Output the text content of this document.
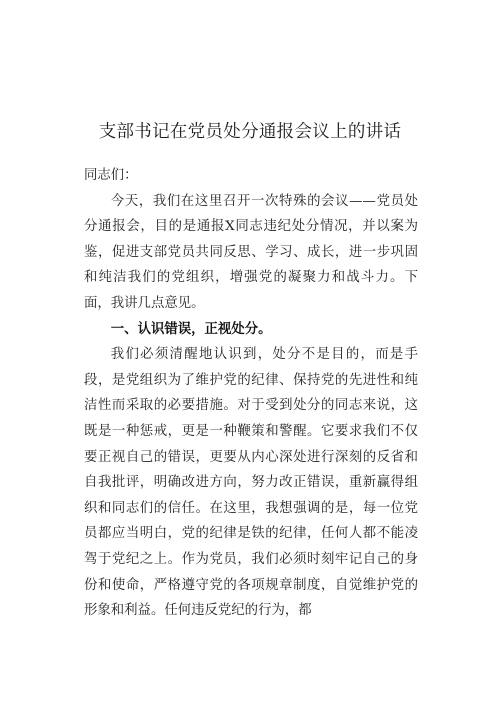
支部书记在党员处分通报会议上的讲话

同志们：

今天，我们在这里召开一次特殊的会议——党员处分通报会，目的是通报X同志违纪处分情况，并以案为鉴，促进支部党员共同反思、学习、成长，进一步巩固和纯洁我们的党组织，增强党的凝聚力和战斗力。下面，我讲几点意见。

一、认识错误，正视处分。

我们必须清醒地认识到，处分不是目的，而是手段，是党组织为了维护党的纪律、保持党的先进性和纯洁性而采取的必要措施。对于受到处分的同志来说，这既是一种惩戒，更是一种鞭策和警醒。它要求我们不仅要正视自己的错误，更要从内心深处进行深刻的反省和自我批评，明确改进方向，努力改正错误，重新赢得组织和同志们的信任。在这里，我想强调的是，每一位党员都应当明白，党的纪律是铁的纪律，任何人都不能凌驾于党纪之上。作为党员，我们必须时刻牢记自己的身份和使命，严格遵守党的各项规章制度，自觉维护党的形象和利益。任何违反党纪的行为，都
